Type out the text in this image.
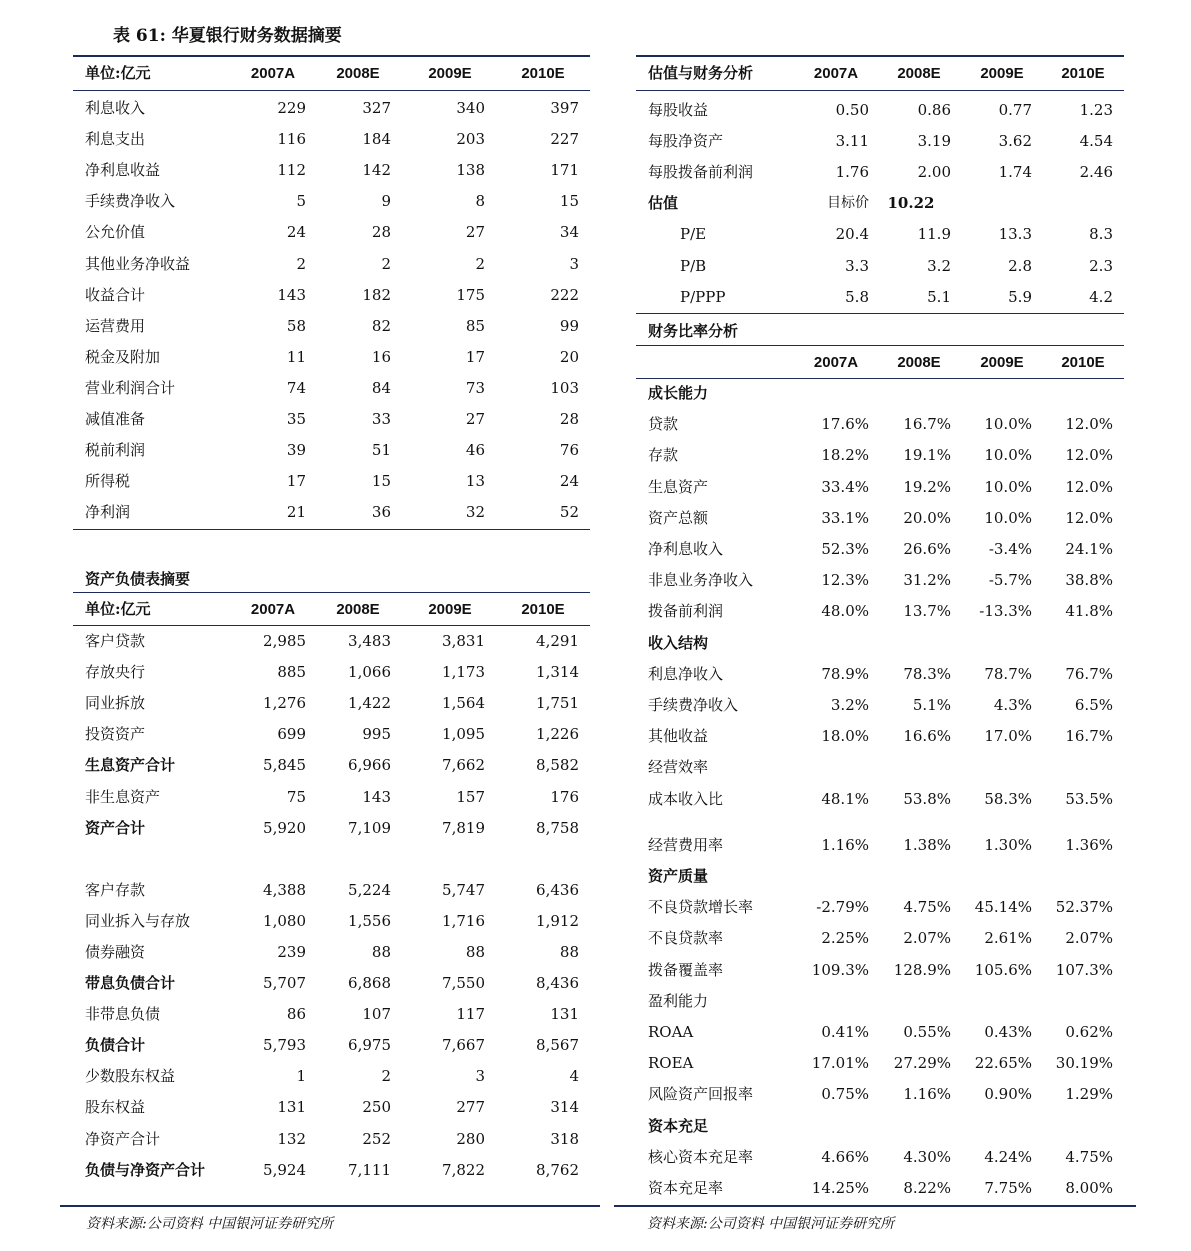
表 61: 华夏银行财务数据摘要
单位:亿元	2007A	2008E	2009E	2010E
利息收入	229	327	340	397
利息支出	116	184	203	227
净利息收益	112	142	138	171
手续费净收入	5	9	8	15
公允价值	24	28	27	34
其他业务净收益	2	2	2	3
收益合计	143	182	175	222
运营费用	58	82	85	99
税金及附加	11	16	17	20
营业利润合计	74	84	73	103
减值准备	35	33	27	28
税前利润	39	51	46	76
所得税	17	15	13	24
净利润	21	36	32	52
资产负债表摘要
单位:亿元	2007A	2008E	2009E	2010E
客户贷款	2,985	3,483	3,831	4,291
存放央行	885	1,066	1,173	1,314
同业拆放	1,276	1,422	1,564	1,751
投资资产	699	995	1,095	1,226
生息资产合计	5,845	6,966	7,662	8,582
非生息资产	75	143	157	176
资产合计	5,920	7,109	7,819	8,758
客户存款	4,388	5,224	5,747	6,436
同业拆入与存放	1,080	1,556	1,716	1,912
债券融资	239	88	88	88
带息负债合计	5,707	6,868	7,550	8,436
非带息负债	86	107	117	131
负债合计	5,793	6,975	7,667	8,567
少数股东权益	1	2	3	4
股东权益	131	250	277	314
净资产合计	132	252	280	318
负债与净资产合计	5,924	7,111	7,822	8,762
估值与财务分析	2007A	2008E	2009E	2010E
每股收益	0.50	0.86	0.77	1.23
每股净资产	3.11	3.19	3.62	4.54
每股拨备前利润	1.76	2.00	1.74	2.46
估值	目标价	10.22
P/E	20.4	11.9	13.3	8.3
P/B	3.3	3.2	2.8	2.3
P/PPP	5.8	5.1	5.9	4.2
财务比率分析
2007A	2008E	2009E	2010E
成长能力
贷款	17.6%	16.7%	10.0%	12.0%
存款	18.2%	19.1%	10.0%	12.0%
生息资产	33.4%	19.2%	10.0%	12.0%
资产总额	33.1%	20.0%	10.0%	12.0%
净利息收入	52.3%	26.6%	-3.4%	24.1%
非息业务净收入	12.3%	31.2%	-5.7%	38.8%
拨备前利润	48.0%	13.7%	-13.3%	41.8%
收入结构
利息净收入	78.9%	78.3%	78.7%	76.7%
手续费净收入	3.2%	5.1%	4.3%	6.5%
其他收益	18.0%	16.6%	17.0%	16.7%
经营效率
成本收入比	48.1%	53.8%	58.3%	53.5%
经营费用率	1.16%	1.38%	1.30%	1.36%
资产质量
不良贷款增长率	-2.79%	4.75%	45.14%	52.37%
不良贷款率	2.25%	2.07%	2.61%	2.07%
拨备覆盖率	109.3%	128.9%	105.6%	107.3%
盈利能力
ROAA	0.41%	0.55%	0.43%	0.62%
ROEA	17.01%	27.29%	22.65%	30.19%
风险资产回报率	0.75%	1.16%	0.90%	1.29%
资本充足
核心资本充足率	4.66%	4.30%	4.24%	4.75%
资本充足率	14.25%	8.22%	7.75%	8.00%
资料来源:公司资料 中国银河证券研究所	资料来源:公司资料 中国银河证券研究所
